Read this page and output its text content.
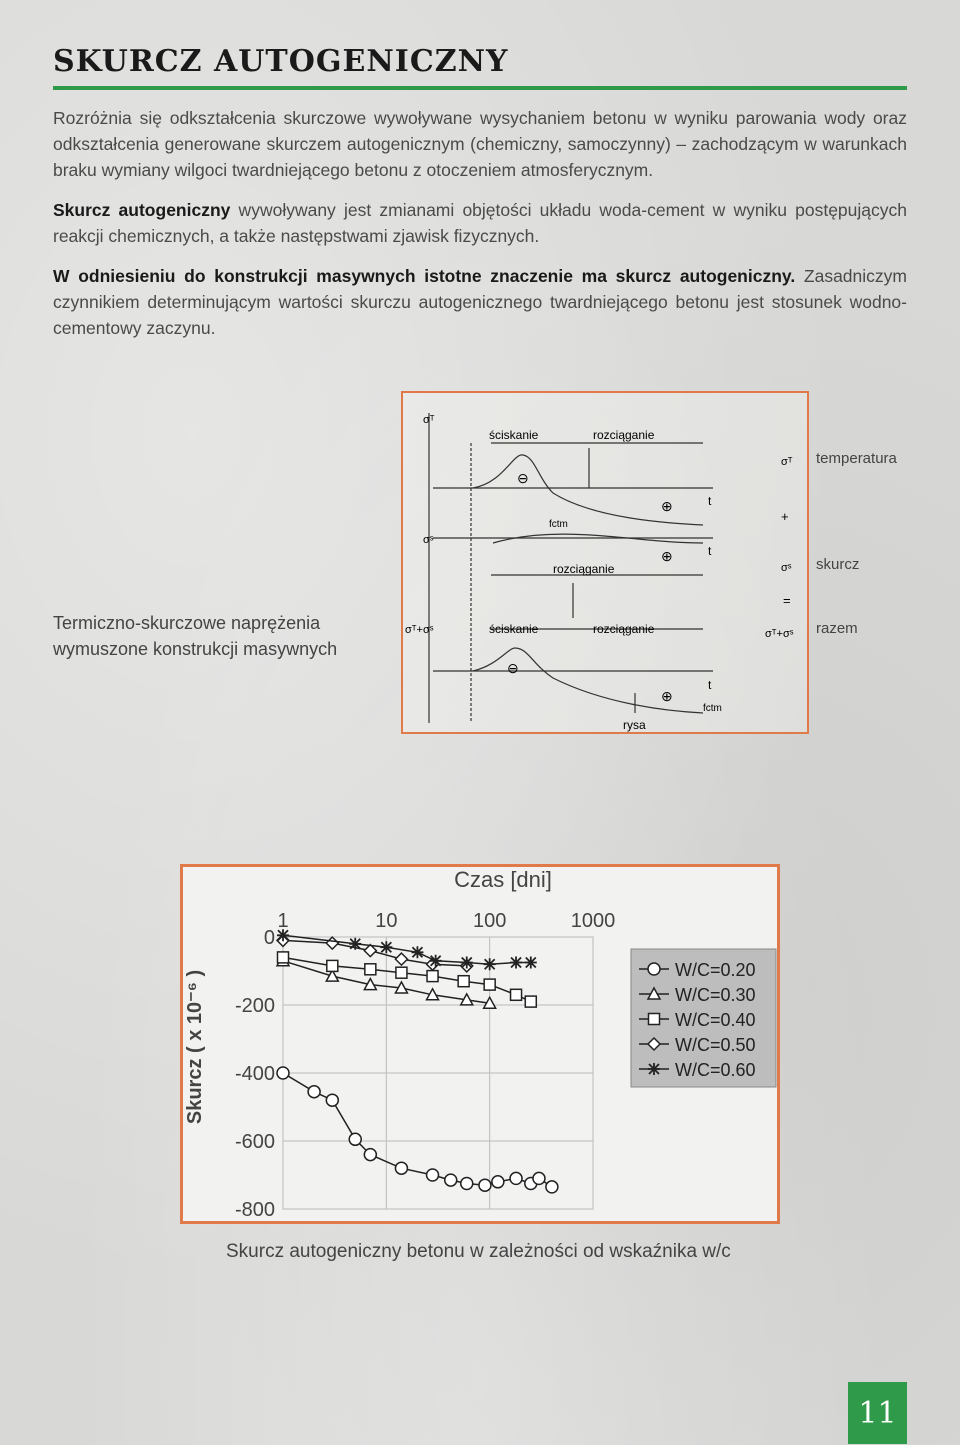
SKURCZ AUTOGENICZNY

Rozróżnia się odkształcenia skurczowe wywoływane wysychaniem betonu w wyniku parowania wody oraz odkształcenia generowane skurczem autogenicznym (chemiczny, samoczynny) – zachodzącym w warunkach braku wymiany wilgoci twardniejącego betonu z otoczeniem atmosferycznym.

Skurcz autogeniczny wywoływany jest zmianami objętości układu woda-cement w wyniku postępujących reakcji chemicznych, a także następstwami zjawisk fizycznych.

W odniesieniu do konstrukcji masywnych istotne znaczenie ma skurcz autogeniczny. Zasadniczym czynnikiem determinującym wartości skurczu autogenicznego twardniejącego betonu jest stosunek wodno-cementowy zaczynu.

σᵀ
σˢ
σᵀ+σˢ
ściskanie	rozciąganie
rozciąganie
ściskanie	rozciąganie
⊖
⊖
⊕
⊕
⊕
t
t
t
fctm
fctm
rysa
σᵀ
+
σˢ
=
σᵀ+σˢ
temperatura
skurcz
razem

Termiczno-skurczowe naprężenia wymuszone konstrukcji masywnych

Czas [dni]
Skurcz ( x 10⁻⁶ )
1	10	100	1000
0
-200
-400
-600
-800
W/C=0.20
W/C=0.30
W/C=0.40
W/C=0.50
W/C=0.60
Skurcz autogeniczny betonu w zależności od wskaźnika w/c
11
